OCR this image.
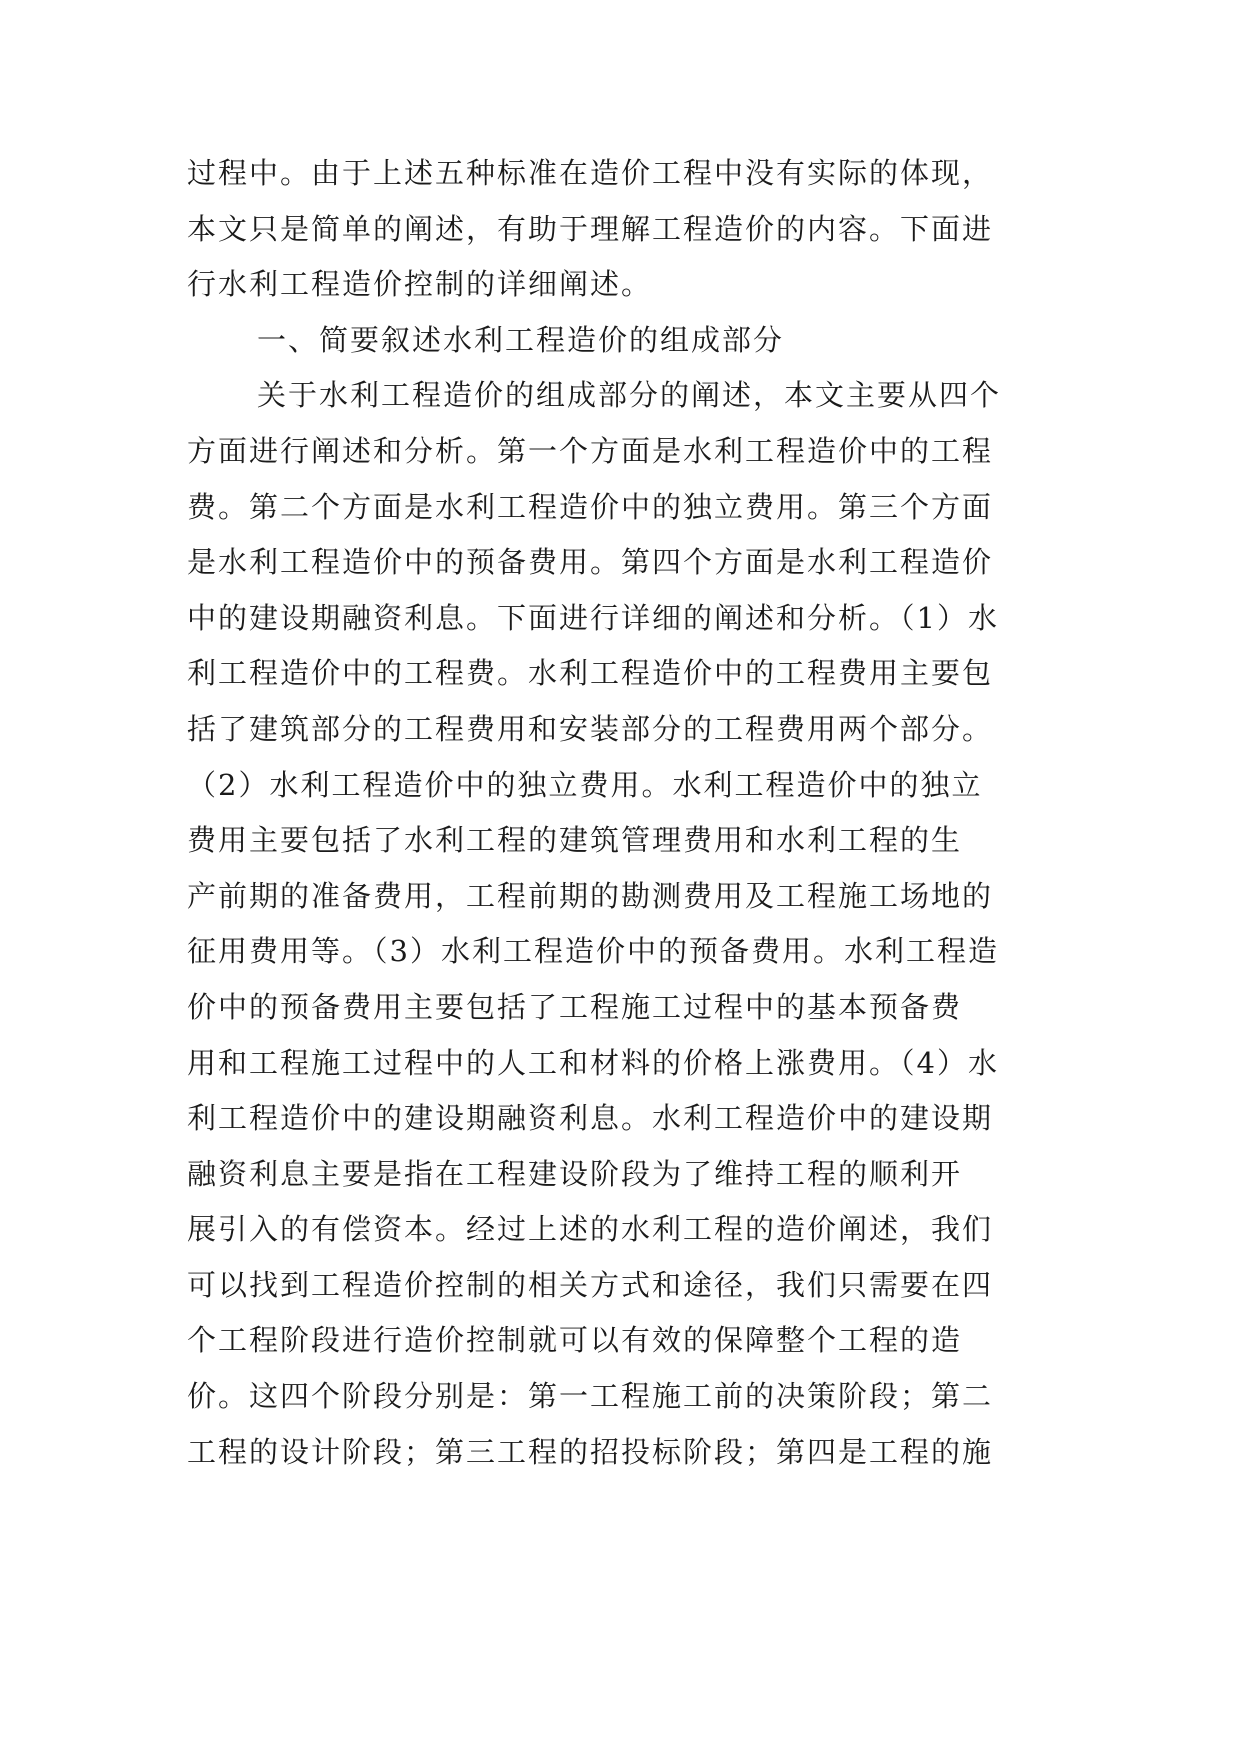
过程中。由于上述五种标准在造价工程中没有实际的体现，
本文只是简单的阐述，有助于理解工程造价的内容。下面进
行水利工程造价控制的详细阐述。
一、简要叙述水利工程造价的组成部分
关于水利工程造价的组成部分的阐述，本文主要从四个
方面进行阐述和分析。第一个方面是水利工程造价中的工程
费。第二个方面是水利工程造价中的独立费用。第三个方面
是水利工程造价中的预备费用。第四个方面是水利工程造价
中的建设期融资利息。下面进行详细的阐述和分析。（1）水
利工程造价中的工程费。水利工程造价中的工程费用主要包
括了建筑部分的工程费用和安装部分的工程费用两个部分。
（2）水利工程造价中的独立费用。水利工程造价中的独立
费用主要包括了水利工程的建筑管理费用和水利工程的生
产前期的准备费用，工程前期的勘测费用及工程施工场地的
征用费用等。（3）水利工程造价中的预备费用。水利工程造
价中的预备费用主要包括了工程施工过程中的基本预备费
用和工程施工过程中的人工和材料的价格上涨费用。（4）水
利工程造价中的建设期融资利息。水利工程造价中的建设期
融资利息主要是指在工程建设阶段为了维持工程的顺利开
展引入的有偿资本。经过上述的水利工程的造价阐述，我们
可以找到工程造价控制的相关方式和途径，我们只需要在四
个工程阶段进行造价控制就可以有效的保障整个工程的造
价。这四个阶段分别是：第一工程施工前的决策阶段；第二
工程的设计阶段；第三工程的招投标阶段；第四是工程的施
